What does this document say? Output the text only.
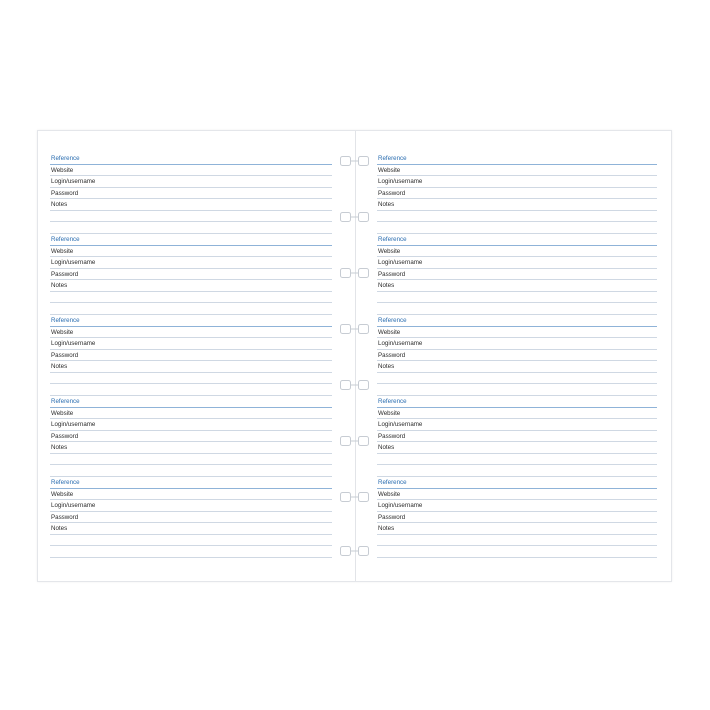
Reference
Website
Login/username
Password
Notes
Reference
Website
Login/username
Password
Notes
Reference
Website
Login/username
Password
Notes
Reference
Website
Login/username
Password
Notes
Reference
Website
Login/username
Password
Notes
Reference
Website
Login/username
Password
Notes
Reference
Website
Login/username
Password
Notes
Reference
Website
Login/username
Password
Notes
Reference
Website
Login/username
Password
Notes
Reference
Website
Login/username
Password
Notes
